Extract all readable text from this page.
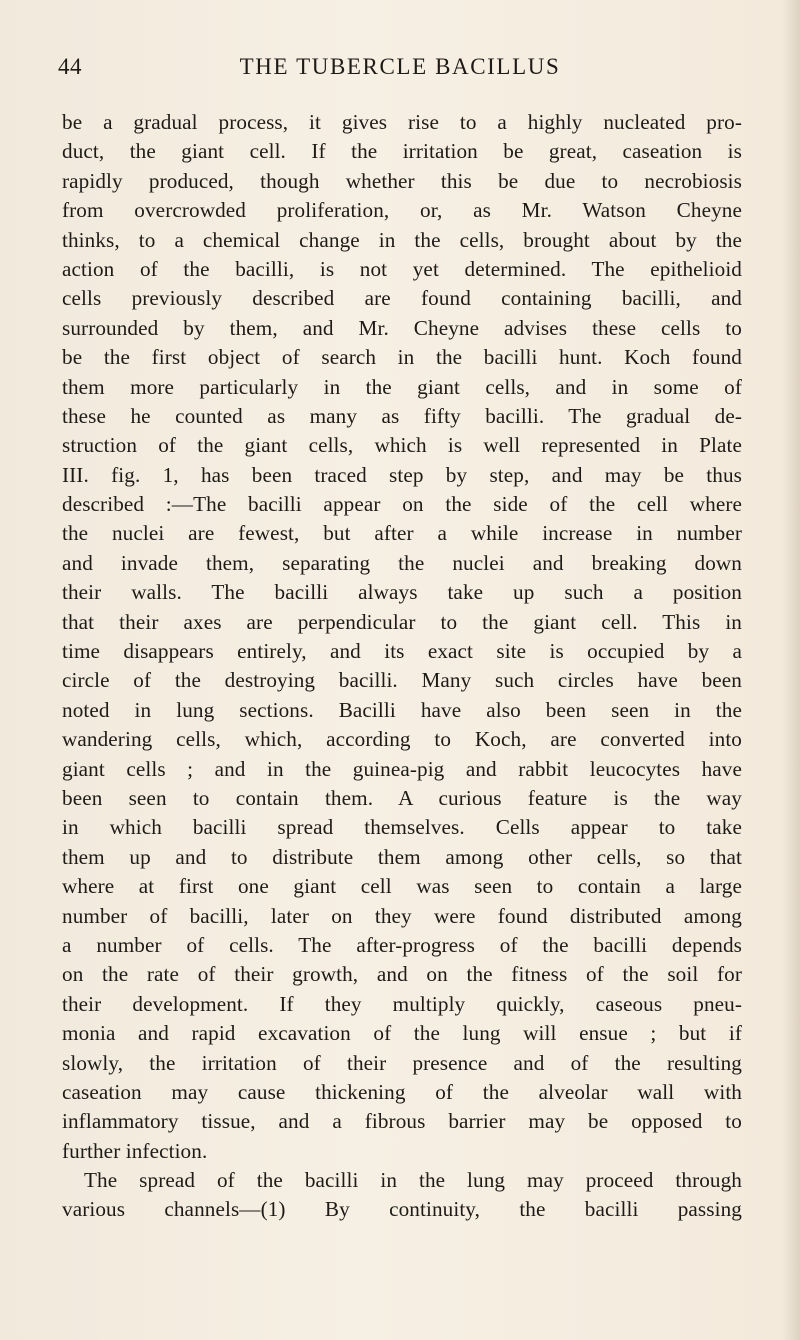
44	THE TUBERCLE BACILLUS
be a gradual process, it gives rise to a highly nucleated pro-
duct, the giant cell. If the irritation be great, caseation is
rapidly produced, though whether this be due to necrobiosis
from overcrowded proliferation, or, as Mr. Watson Cheyne
thinks, to a chemical change in the cells, brought about by the
action of the bacilli, is not yet determined. The epithelioid
cells previously described are found containing bacilli, and
surrounded by them, and Mr. Cheyne advises these cells to
be the first object of search in the bacilli hunt. Koch found
them more particularly in the giant cells, and in some of
these he counted as many as fifty bacilli. The gradual de-
struction of the giant cells, which is well represented in Plate
III. fig. 1, has been traced step by step, and may be thus
described :—The bacilli appear on the side of the cell where
the nuclei are fewest, but after a while increase in number
and invade them, separating the nuclei and breaking down
their walls. The bacilli always take up such a position
that their axes are perpendicular to the giant cell. This in
time disappears entirely, and its exact site is occupied by a
circle of the destroying bacilli. Many such circles have been
noted in lung sections. Bacilli have also been seen in the
wandering cells, which, according to Koch, are converted into
giant cells ; and in the guinea-pig and rabbit leucocytes have
been seen to contain them. A curious feature is the way
in which bacilli spread themselves. Cells appear to take
them up and to distribute them among other cells, so that
where at first one giant cell was seen to contain a large
number of bacilli, later on they were found distributed among
a number of cells. The after-progress of the bacilli depends
on the rate of their growth, and on the fitness of the soil for
their development. If they multiply quickly, caseous pneu-
monia and rapid excavation of the lung will ensue ; but if
slowly, the irritation of their presence and of the resulting
caseation may cause thickening of the alveolar wall with
inflammatory tissue, and a fibrous barrier may be opposed to
further infection.
The spread of the bacilli in the lung may proceed through
various channels—(1) By continuity, the bacilli passing
